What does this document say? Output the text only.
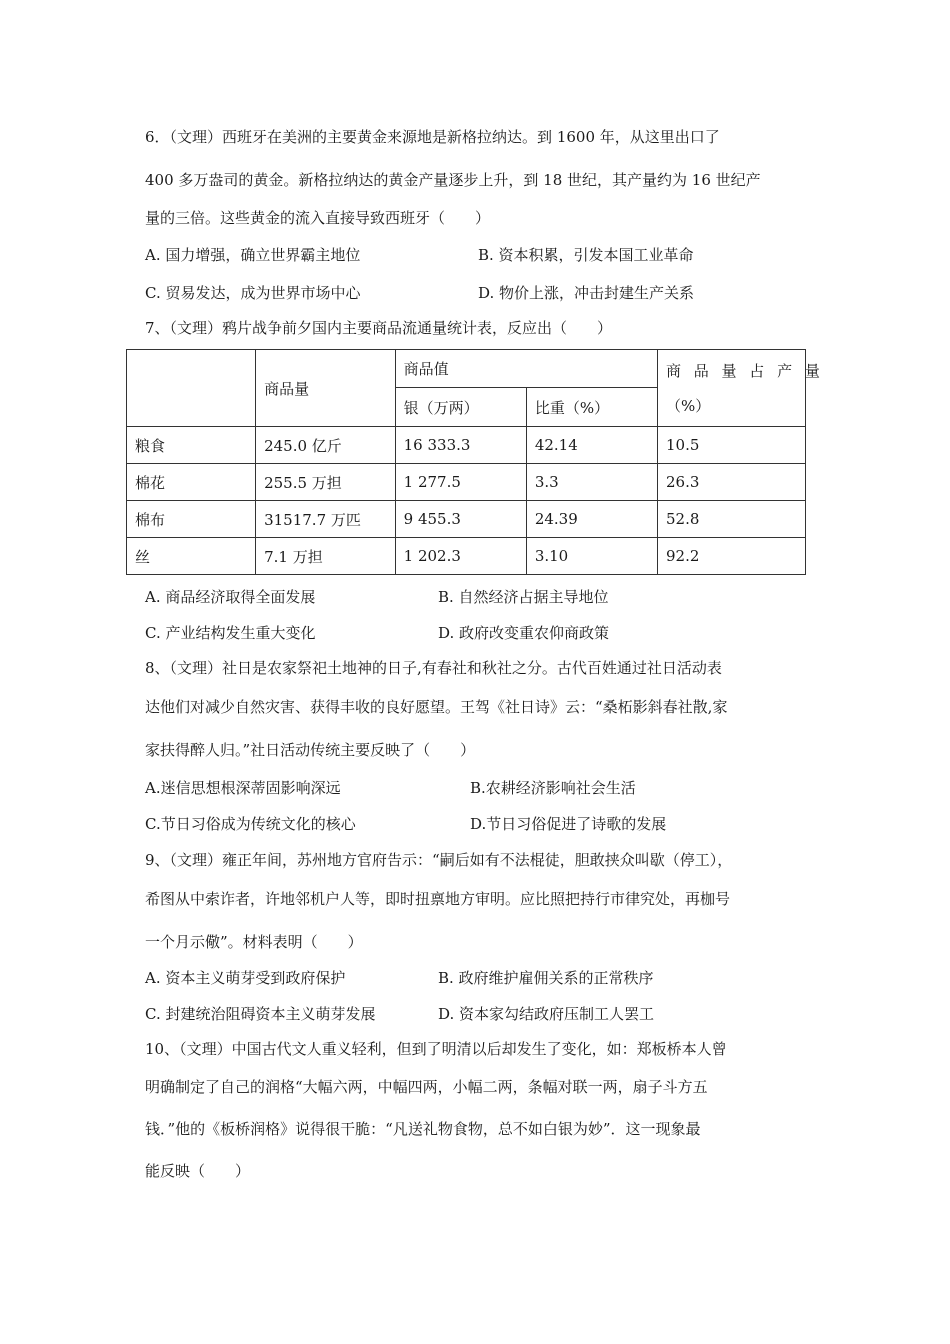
6．（文理）西班牙在美洲的主要黄金来源地是新格拉纳达。到 1600 年，从这里出口了
400 多万盎司的黄金。新格拉纳达的黄金产量逐步上升，到 18 世纪，其产量约为 16 世纪产
量的三倍。这些黄金的流入直接导致西班牙（　　）
A. 国力增强，确立世界霸主地位	B. 资本积累，引发本国工业革命
C. 贸易发达，成为世界市场中心	D. 物价上涨，冲击封建生产关系
7、（文理）鸦片战争前夕国内主要商品流通量统计表，反应出（　　）
	商品量	商品值		商 品 量 占 产 量
（%）

		银（万两）	比重（%）	
粮食	245.0 亿斤	16 333.3	42.14	10.5
棉花	255.5 万担	1 277.5	3.3	26.3
棉布	31517.7 万匹	9 455.3	24.39	52.8
丝	7.1 万担	1 202.3	3.10	92.2
A. 商品经济取得全面发展	B. 自然经济占据主导地位
C. 产业结构发生重大变化	D. 政府改变重农仰商政策
8、（文理）社日是农家祭祀土地神的日子,有春社和秋社之分。古代百姓通过社日活动表
达他们对减少自然灾害、获得丰收的良好愿望。王驾《社日诗》云：“桑柘影斜春社散,家
家扶得醉人归。”社日活动传统主要反映了（　　）
A.迷信思想根深蒂固影响深远	B.农耕经济影响社会生活
C.节日习俗成为传统文化的核心	D.节日习俗促进了诗歌的发展
9、（文理）雍正年间，苏州地方官府告示：“嗣后如有不法棍徒，胆敢挟众叫歇（停工），
希图从中索诈者，许地邻机户人等，即时扭禀地方审明。应比照把持行市律究处，再枷号
一个月示儆”。材料表明（　　）
A. 资本主义萌芽受到政府保护	B. 政府维护雇佣关系的正常秩序
C. 封建统治阻碍资本主义萌芽发展	D. 资本家勾结政府压制工人罢工
10、（文理）中国古代文人重义轻利，但到了明清以后却发生了变化，如：郑板桥本人曾
明确制定了自己的润格“大幅六两，中幅四两，小幅二两，条幅对联一两，扇子斗方五
钱．”他的《板桥润格》说得很干脆：“凡送礼物食物，总不如白银为妙”．这一现象最
能反映（　　）
